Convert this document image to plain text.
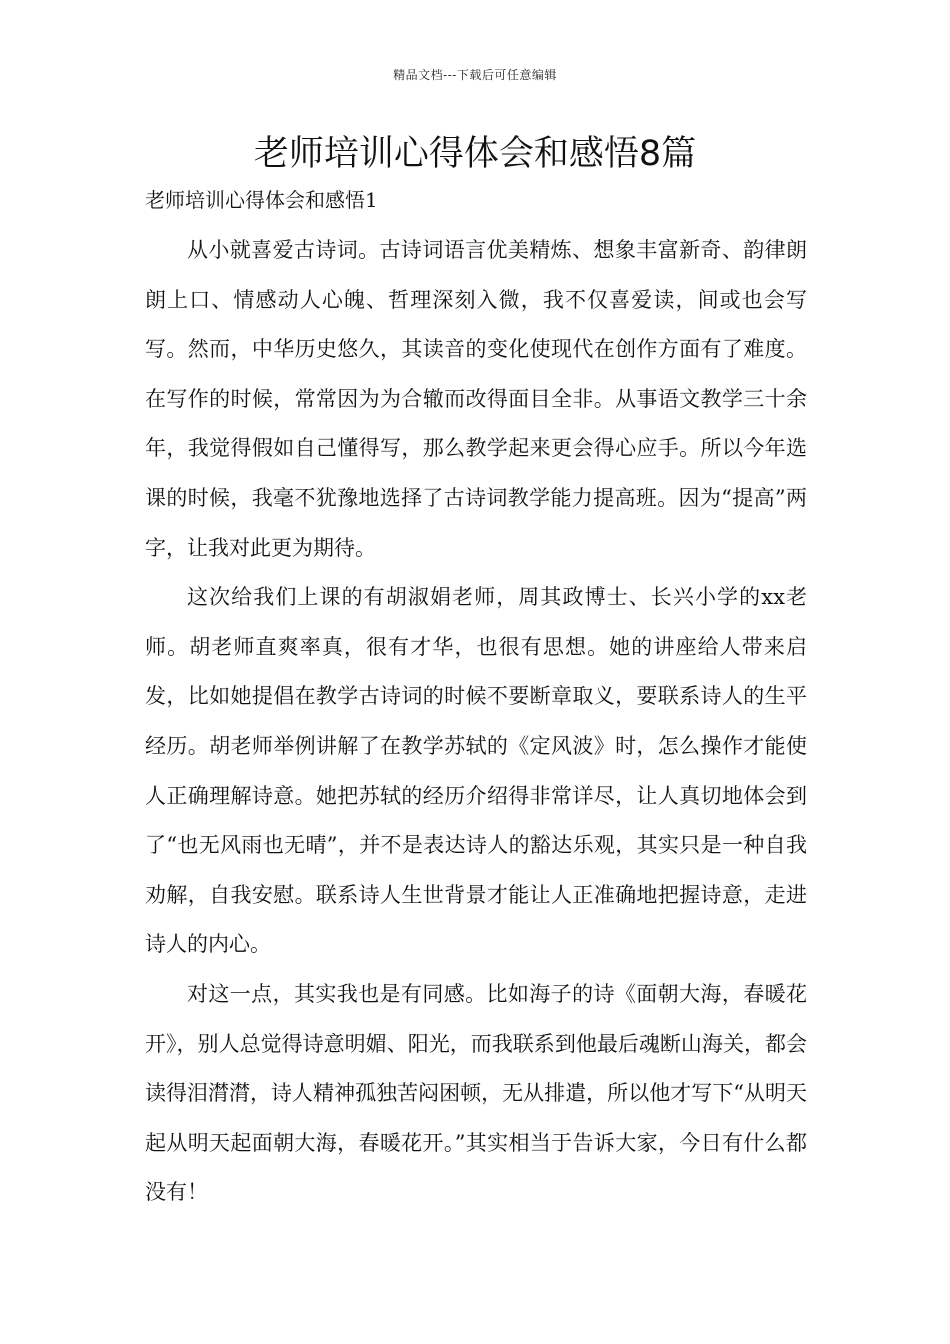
精品文档---下载后可任意编辑
老师培训心得体会和感悟8篇
老师培训心得体会和感悟1

从小就喜爱古诗词。古诗词语言优美精炼、想象丰富新奇、韵律朗朗上口、情感动人心魄、哲理深刻入微，我不仅喜爱读，间或也会写写。然而，中华历史悠久，其读音的变化使现代在创作方面有了难度。在写作的时候，常常因为为合辙而改得面目全非。从事语文教学三十余年，我觉得假如自己懂得写，那么教学起来更会得心应手。所以今年选课的时候，我毫不犹豫地选择了古诗词教学能力提高班。因为“提高”两字，让我对此更为期待。

这次给我们上课的有胡淑娟老师，周其政博士、长兴小学的xx老师。胡老师直爽率真，很有才华，也很有思想。她的讲座给人带来启发，比如她提倡在教学古诗词的时候不要断章取义，要联系诗人的生平经历。胡老师举例讲解了在教学苏轼的《定风波》时，怎么操作才能使人正确理解诗意。她把苏轼的经历介绍得非常详尽，让人真切地体会到了“也无风雨也无晴”，并不是表达诗人的豁达乐观，其实只是一种自我劝解，自我安慰。联系诗人生世背景才能让人正准确地把握诗意，走进诗人的内心。

对这一点，其实我也是有同感。比如海子的诗《面朝大海，春暖花开》，别人总觉得诗意明媚、阳光，而我联系到他最后魂断山海关，都会读得泪潸潸，诗人精神孤独苦闷困顿，无从排遣，所以他才写下“从明天起从明天起面朝大海，春暖花开。”其实相当于告诉大家，今日有什么都没有！
